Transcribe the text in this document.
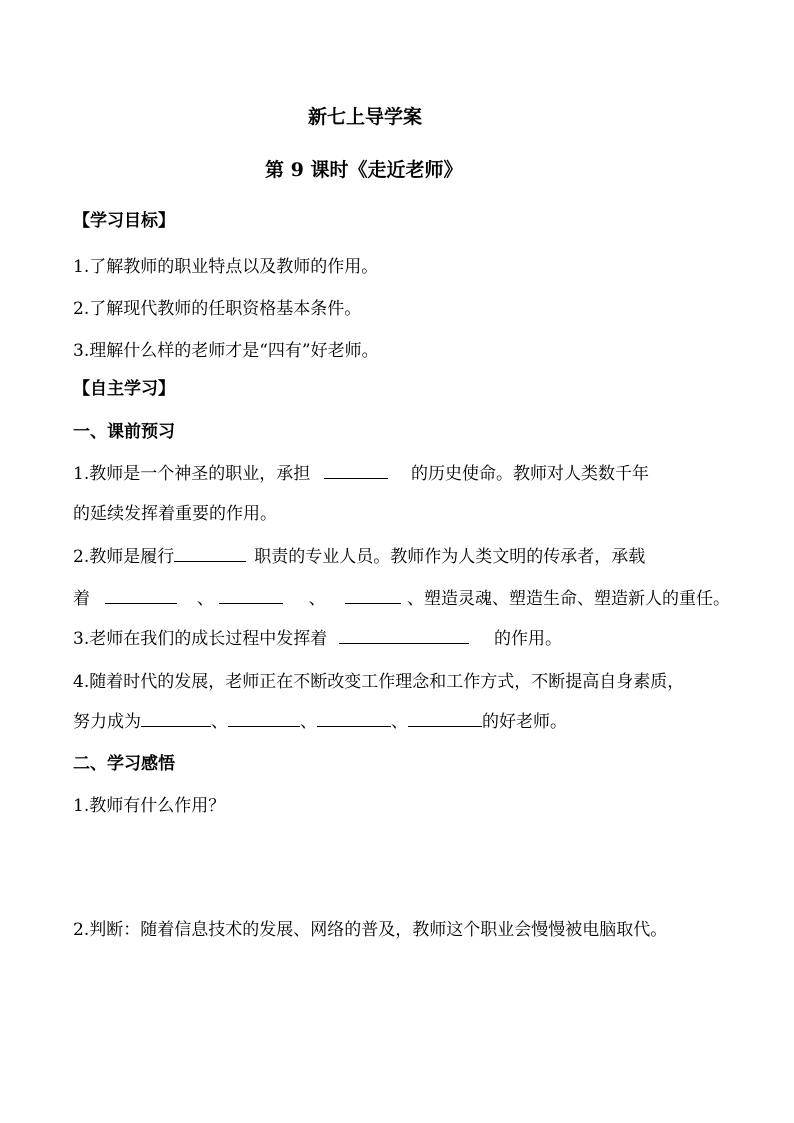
新七上导学案
第 9 课时《走近老师》
【学习目标】
1.了解教师的职业特点以及教师的作用。
2.了解现代教师的任职资格基本条件。
3.理解什么样的老师才是“四有”好老师。
【自主学习】
一、课前预习
1.教师是一个神圣的职业，承担	的历史使命。教师对人类数千年
的延续发挥着重要的作用。
2.教师是履行	职责的专业人员。教师作为人类文明的传承者，承载
着	、	、	、塑造灵魂、塑造生命、塑造新人的重任。
3.老师在我们的成长过程中发挥着	的作用。
4.随着时代的发展，老师正在不断改变工作理念和工作方式，不断提高自身素质，
努力成为	、	、	、	的好老师。
二、学习感悟
1.教师有什么作用？
2.判断：随着信息技术的发展、网络的普及，教师这个职业会慢慢被电脑取代。
